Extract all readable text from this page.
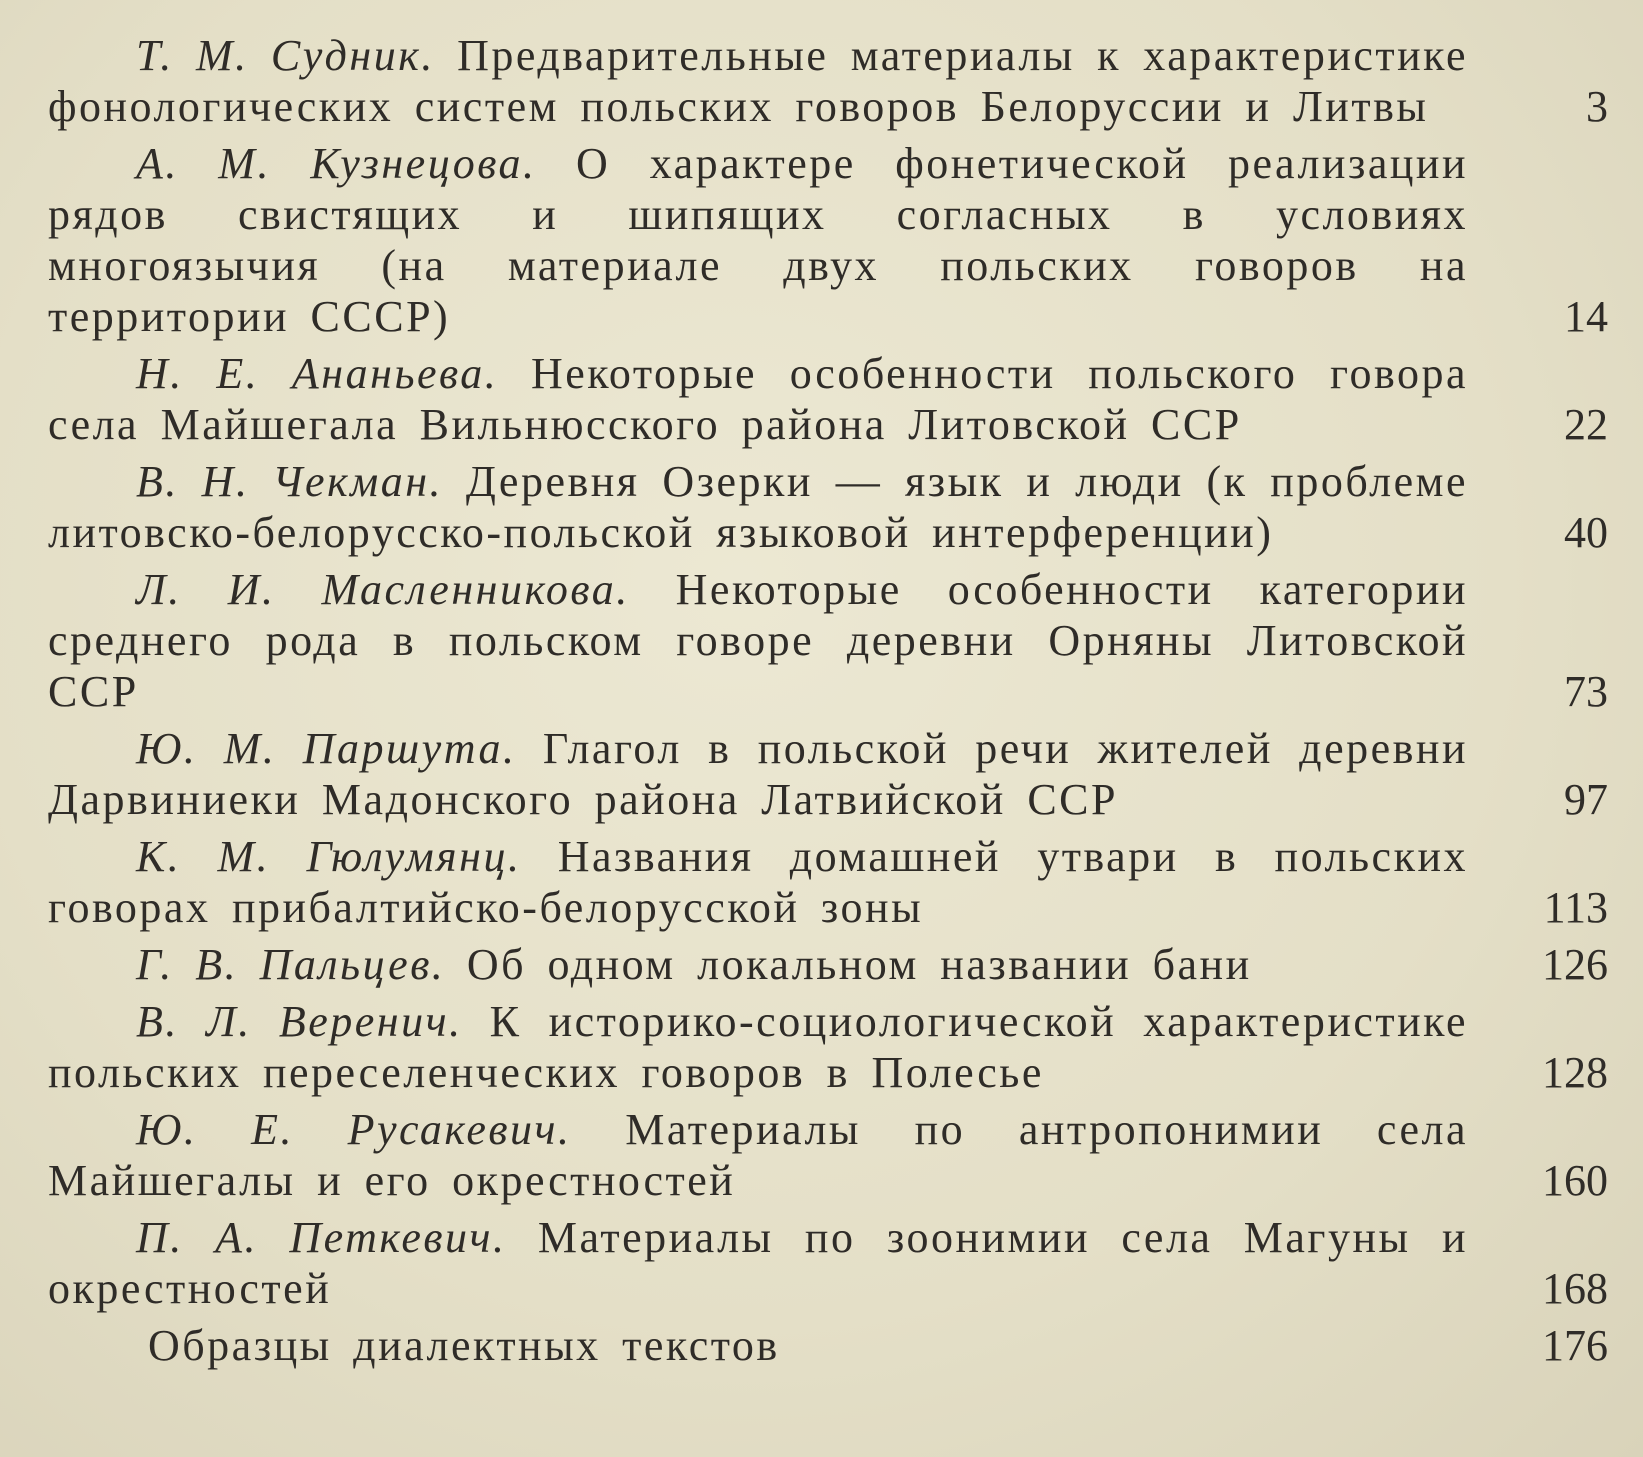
Т. М. Судник. Предварительные материалы к характеристике фонологических систем польских говоров Белоруссии и Литвы	3
А. М. Кузнецова. О характере фонетической реализации рядов свистящих и шипящих согласных в условиях многоязычия (на материале двух польских говоров на территории СССР)	14
Н. Е. Ананьева. Некоторые особенности польского говора села Майшегала Вильнюсского района Литовской ССР	22
В. Н. Чекман. Деревня Озерки — язык и люди (к проблеме литовско-белорусско-польской языковой интерференции)	40
Л. И. Масленникова. Некоторые особенности категории среднего рода в польском говоре деревни Орняны Литовской ССР	73
Ю. М. Паршута. Глагол в польской речи жителей деревни Дарвиниеки Мадонского района Латвийской ССР	97
К. М. Гюлумянц. Названия домашней утвари в польских говорах прибалтийско-белорусской зоны	113
Г. В. Пальцев. Об одном локальном названии бани	126
В. Л. Веренич. К историко-социологической характеристике польских переселенческих говоров в Полесье	128
Ю. Е. Русакевич. Материалы по антропонимии села Майшегалы и его окрестностей	160
П. А. Петкевич. Материалы по зоонимии села Магуны и окрестностей	168
Образцы диалектных текстов	176
